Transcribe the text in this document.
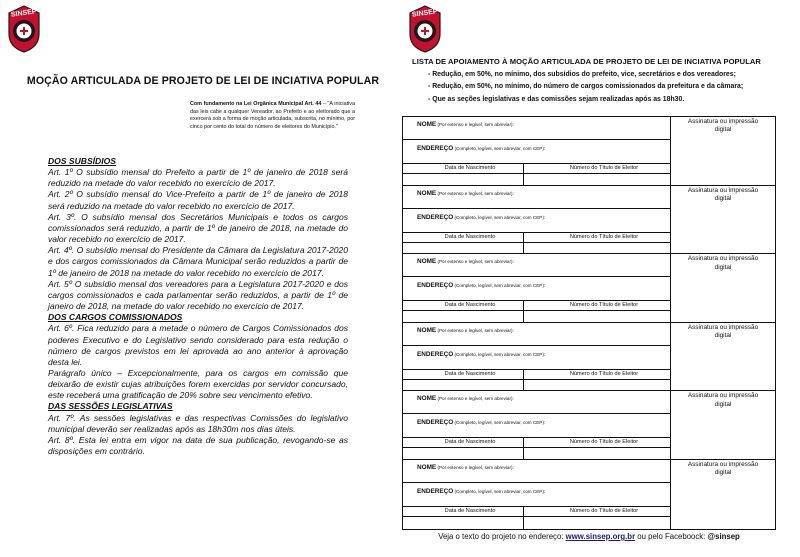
SINSEP	SINSEP
MOÇÃO ARTICULADA DE PROJETO DE LEI DE INCIATIVA POPULAR
Com fundamento na Lei Orgânica Municipal Art. 44 – "A iniciativa das leis cabe a qualquer Vereador, ao Prefeito e ao eleitorado que a exercerá sob a forma de moção articulada, subscrita, no mínimo, por cinco por cento do total do número de eleitores do Município."
DOS SUBSÍDIOS
Art. 1º O subsídio mensal do Prefeito a partir de 1º de janeiro de 2018 será reduzido na metade do valor recebido no exercício de 2017.
Art. 2º O subsídio mensal do Vice-Prefeito a partir de 1º de janeiro de 2018 será reduzido na metade do valor recebido no exercício de 2017.
Art. 3º. O subsídio mensal dos Secretários Municipais e todos os cargos comissionados será reduzido, a partir de 1º de janeiro de 2018, na metade do valor recebido no exercício de 2017.
Art. 4º. O subsídio mensal do Presidente da Câmara da Legislatura 2017-2020 e dos cargos comissionados da Câmara Municipal serão reduzidos a partir de 1º de janeiro de 2018 na metade do valor recebido no exercício de 2017.
Art. 5º O subsídio mensal dos vereadores para a Legislatura 2017-2020 e dos cargos comissionados e cada parlamentar serão reduzidos, a partir de 1º de janeiro de 2018, na metade do valor recebido no exercício de 2017.
DOS CARGOS COMISSIONADOS
Art. 6º. Fica reduzido para a metade o número de Cargos Comissionados dos poderes Executivo e do Legislativo sendo considerado para esta redução o número de cargos previstos em lei aprovada ao ano anterior à aprovação desta lei.
Parágrafo único – Excepcionalmente, para os cargos em comissão que deixarão de existir cujas atribuições forem exercidas por servidor concursado, este receberá uma gratificação de 20% sobre seu vencimento efetivo.
DAS SESSÕES LEGISLATIVAS
Art. 7º. As sessões legislativas e das respectivas Comissões do legislativo municipal deverão ser realizadas após as 18h30m nos dias úteis.
Art. 8º. Esta lei entra em vigor na data de sua publicação, revogando-se as disposições em contrário.
LISTA DE APOIAMENTO À MOÇÃO ARTICULADA DE PROJETO DE LEI DE INCIATIVA POPULAR
- Redução, em 50%, no mínimo, dos subsídios do prefeito, vice, secretários e dos vereadores;
- Redução, em 50%, no mínimo, do número de cargos comissionados da prefeitura e da câmara;
- Que as seções legislativas e das comissões sejam realizadas após as 18h30.
NOME (Por extenso e legível, sem abreviar):
ENDEREÇO (Completo, legível, sem abreviar, com CEP):
Data de Nascimento	Número do Título de Eleitor
Assinatura ou impressão
digital
NOME (Por extenso e legível, sem abreviar):
ENDEREÇO (Completo, legível, sem abreviar, com CEP):
Data de Nascimento	Número do Título de Eleitor
Assinatura ou impressão
digital
NOME (Por extenso e legível, sem abreviar):
ENDEREÇO (Completo, legível, sem abreviar, com CEP):
Data de Nascimento	Número do Título de Eleitor
Assinatura ou impressão
digital
NOME (Por extenso e legível, sem abreviar):
ENDEREÇO (Completo, legível, sem abreviar, com CEP):
Data de Nascimento	Número do Título de Eleitor
Assinatura ou impressão
digital
NOME (Por extenso e legível, sem abreviar):
ENDEREÇO (Completo, legível, sem abreviar, com CEP):
Data de Nascimento	Número do Título de Eleitor
Assinatura ou impressão
digital
NOME (Por extenso e legível, sem abreviar):
ENDEREÇO (Completo, legível, sem abreviar, com CEP):
Data de Nascimento	Número do Título de Eleitor
Assinatura ou impressão
digital
Veja o texto do projeto no endereço: www.sinsep.org.br ou pelo Faceboock: @sinsep
